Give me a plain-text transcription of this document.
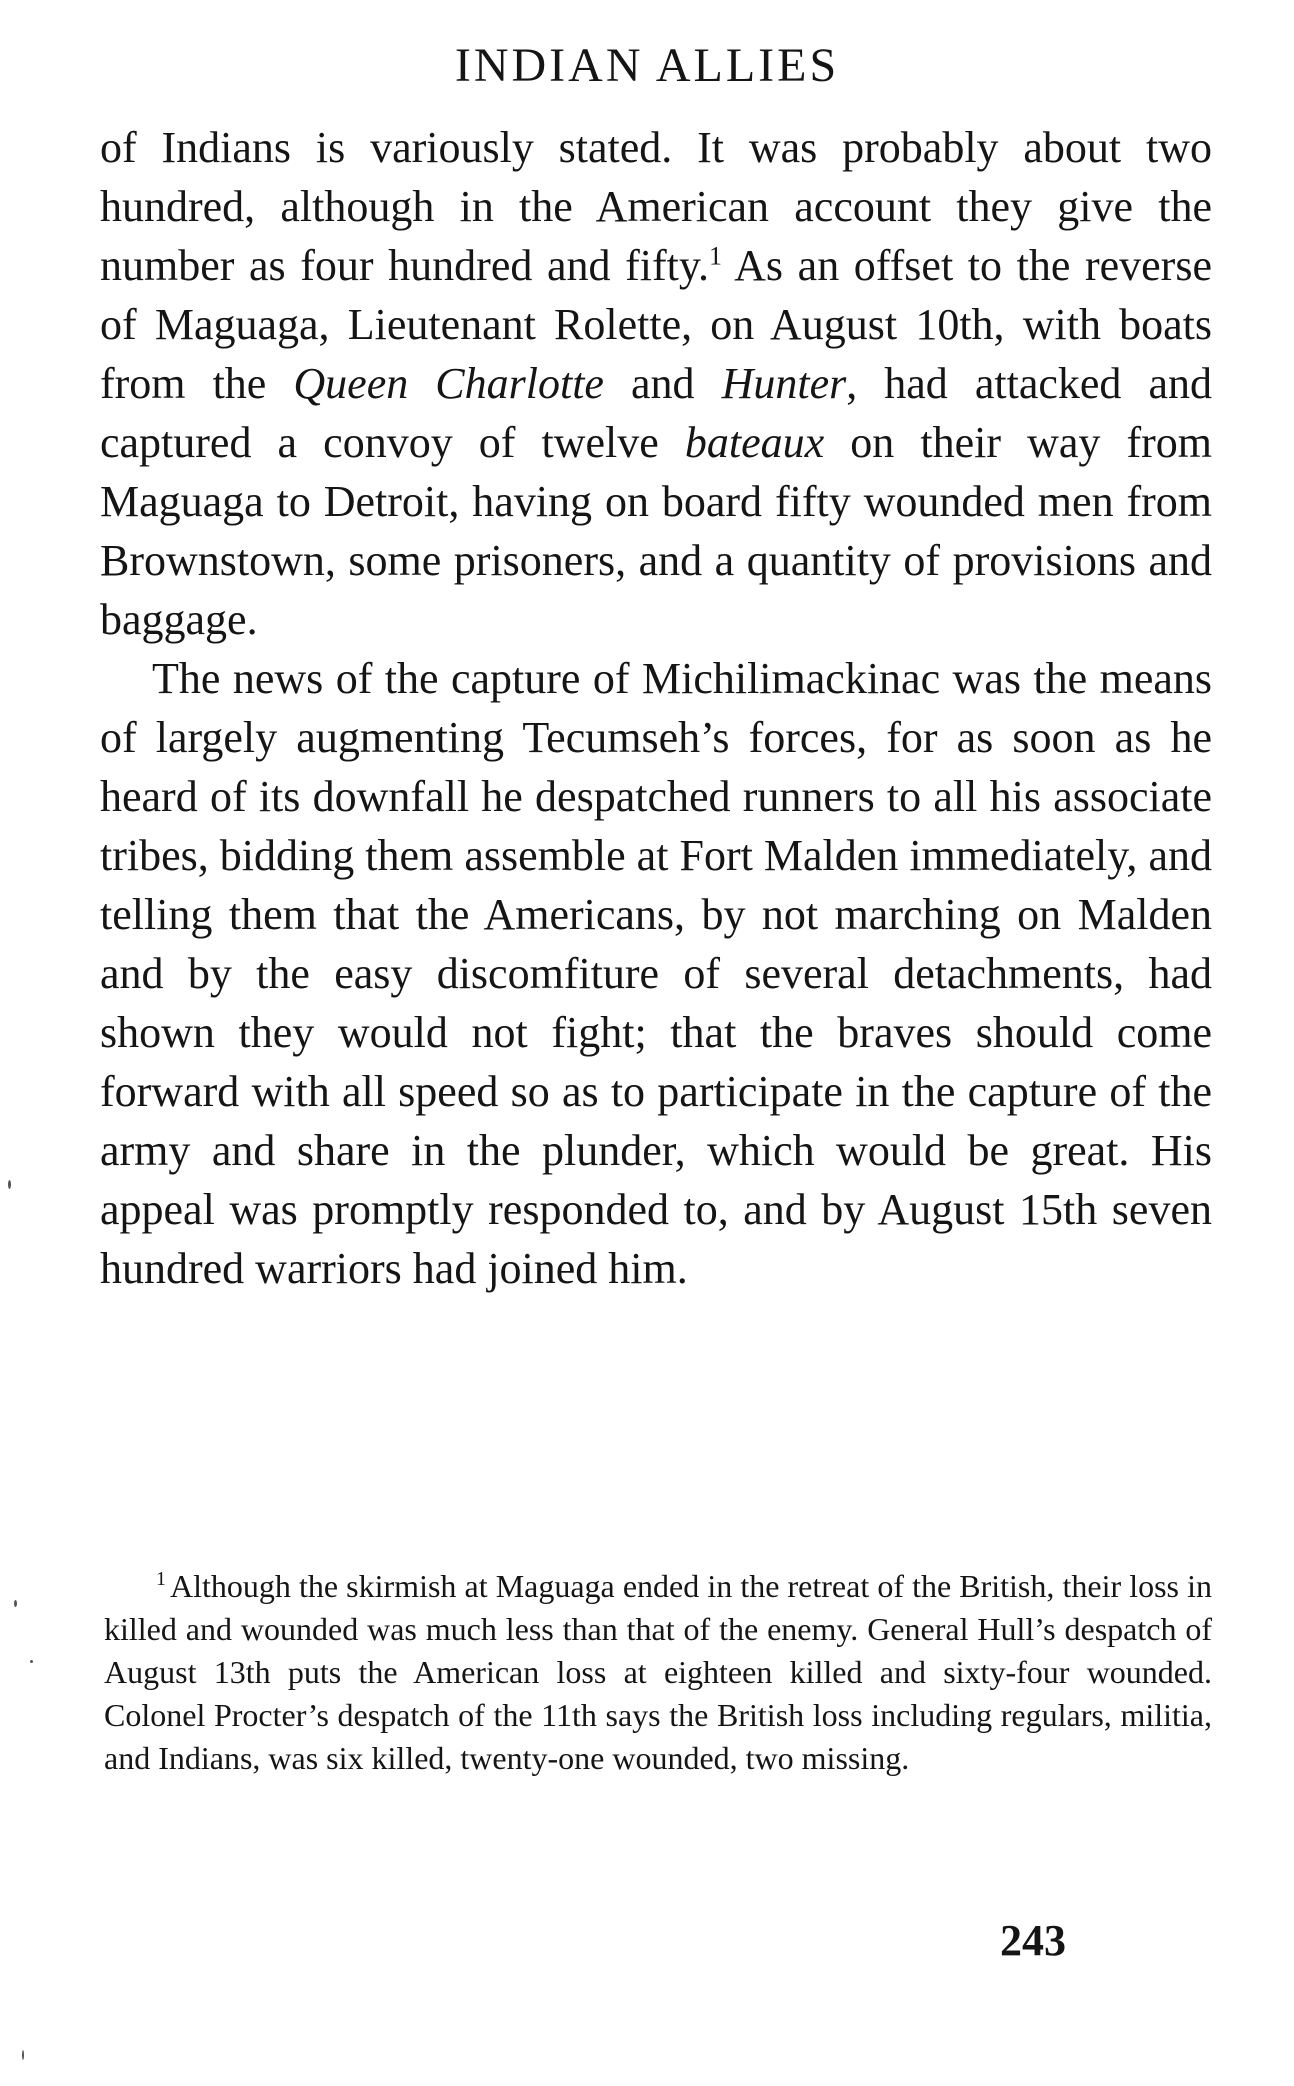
INDIAN ALLIES

of Indians is variously stated. It was probably about two hundred, although in the American account they give the number as four hundred and fifty.$^1$ As an offset to the reverse of Maguaga, Lieutenant Rolette, on August 10th, with boats from the Queen Charlotte and Hunter, had attacked and captured a convoy of twelve bateaux on their way from Maguaga to Detroit, having on board fifty wounded men from Brownstown, some prisoners, and a quantity of provisions and baggage.

The news of the capture of Michilimackinac was the means of largely augmenting Tecumseh’s forces, for as soon as he heard of its downfall he despatched runners to all his associate tribes, bidding them assemble at Fort Malden immediately, and telling them that the Americans, by not marching on Malden and by the easy discomfiture of several detachments, had shown they would not fight; that the braves should come forward with all speed so as to participate in the capture of the army and share in the plunder, which would be great. His appeal was promptly responded to, and by August 15th seven hundred warriors had joined him.

$^1$ Although the skirmish at Maguaga ended in the retreat of the British, their loss in killed and wounded was much less than that of the enemy. General Hull’s despatch of August 13th puts the American loss at eighteen killed and sixty-four wounded. Colonel Procter’s despatch of the 11th says the British loss including regulars, militia, and Indians, was six killed, twenty-one wounded, two missing.

243
